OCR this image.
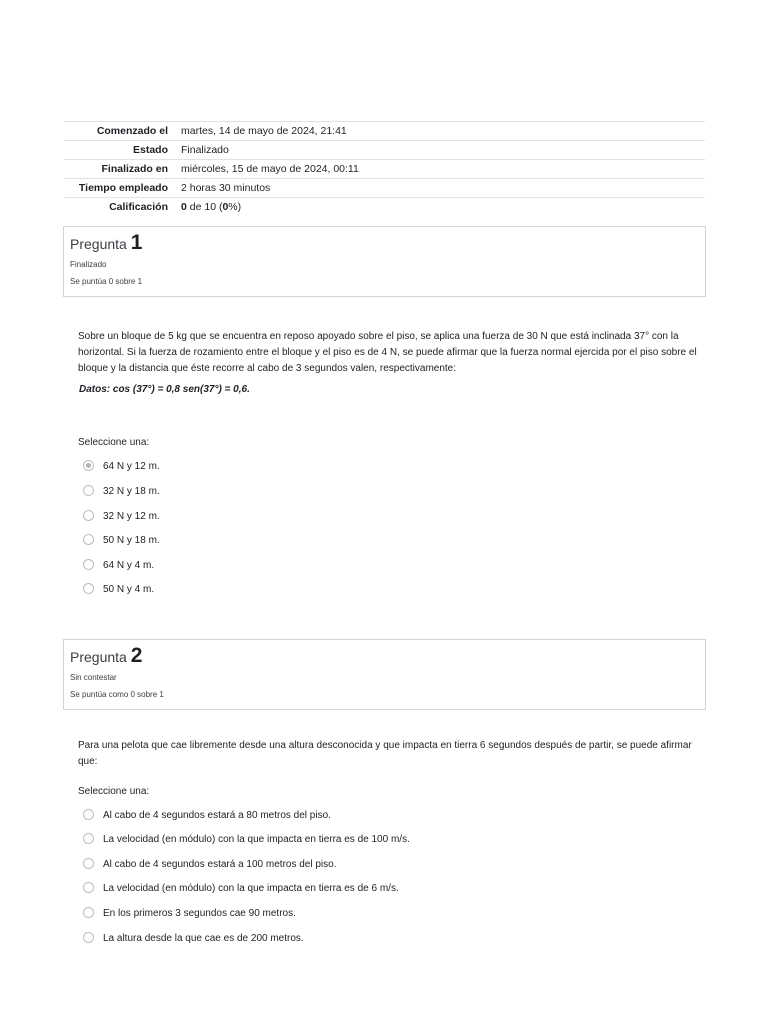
Comenzado el	martes, 14 de mayo de 2024, 21:41
Estado	Finalizado
Finalizado en	miércoles, 15 de mayo de 2024, 00:11
Tiempo empleado	2 horas 30 minutos
Calificación	0 de 10 (0%)
Pregunta 1
Finalizado
Se puntúa 0 sobre 1
Sobre un bloque de 5 kg que se encuentra en reposo apoyado sobre el piso, se aplica una fuerza de 30 N que está inclinada 37° con la horizontal. Si la fuerza de rozamiento entre el bloque y el piso es de 4 N, se puede afirmar que la fuerza normal ejercida por el piso sobre el bloque y la distancia que éste recorre al cabo de 3 segundos valen, respectivamente:
Datos: cos (37°) = 0,8 sen(37°) = 0,6.
Seleccione una:
64 N y 12 m.
32 N y 18 m.
32 N y 12 m.
50 N y 18 m.
64 N y 4 m.
50 N y 4 m.
Pregunta 2
Sin contestar
Se puntúa como 0 sobre 1
Para una pelota que cae libremente desde una altura desconocida y que impacta en tierra 6 segundos después de partir, se puede afirmar que:
Seleccione una:
Al cabo de 4 segundos estará a 80 metros del piso.
La velocidad (en módulo) con la que impacta en tierra es de 100 m/s.
Al cabo de 4 segundos estará a 100 metros del piso.
La velocidad (en módulo) con la que impacta en tierra es de 6 m/s.
En los primeros 3 segundos cae 90 metros.
La altura desde la que cae es de 200 metros.
